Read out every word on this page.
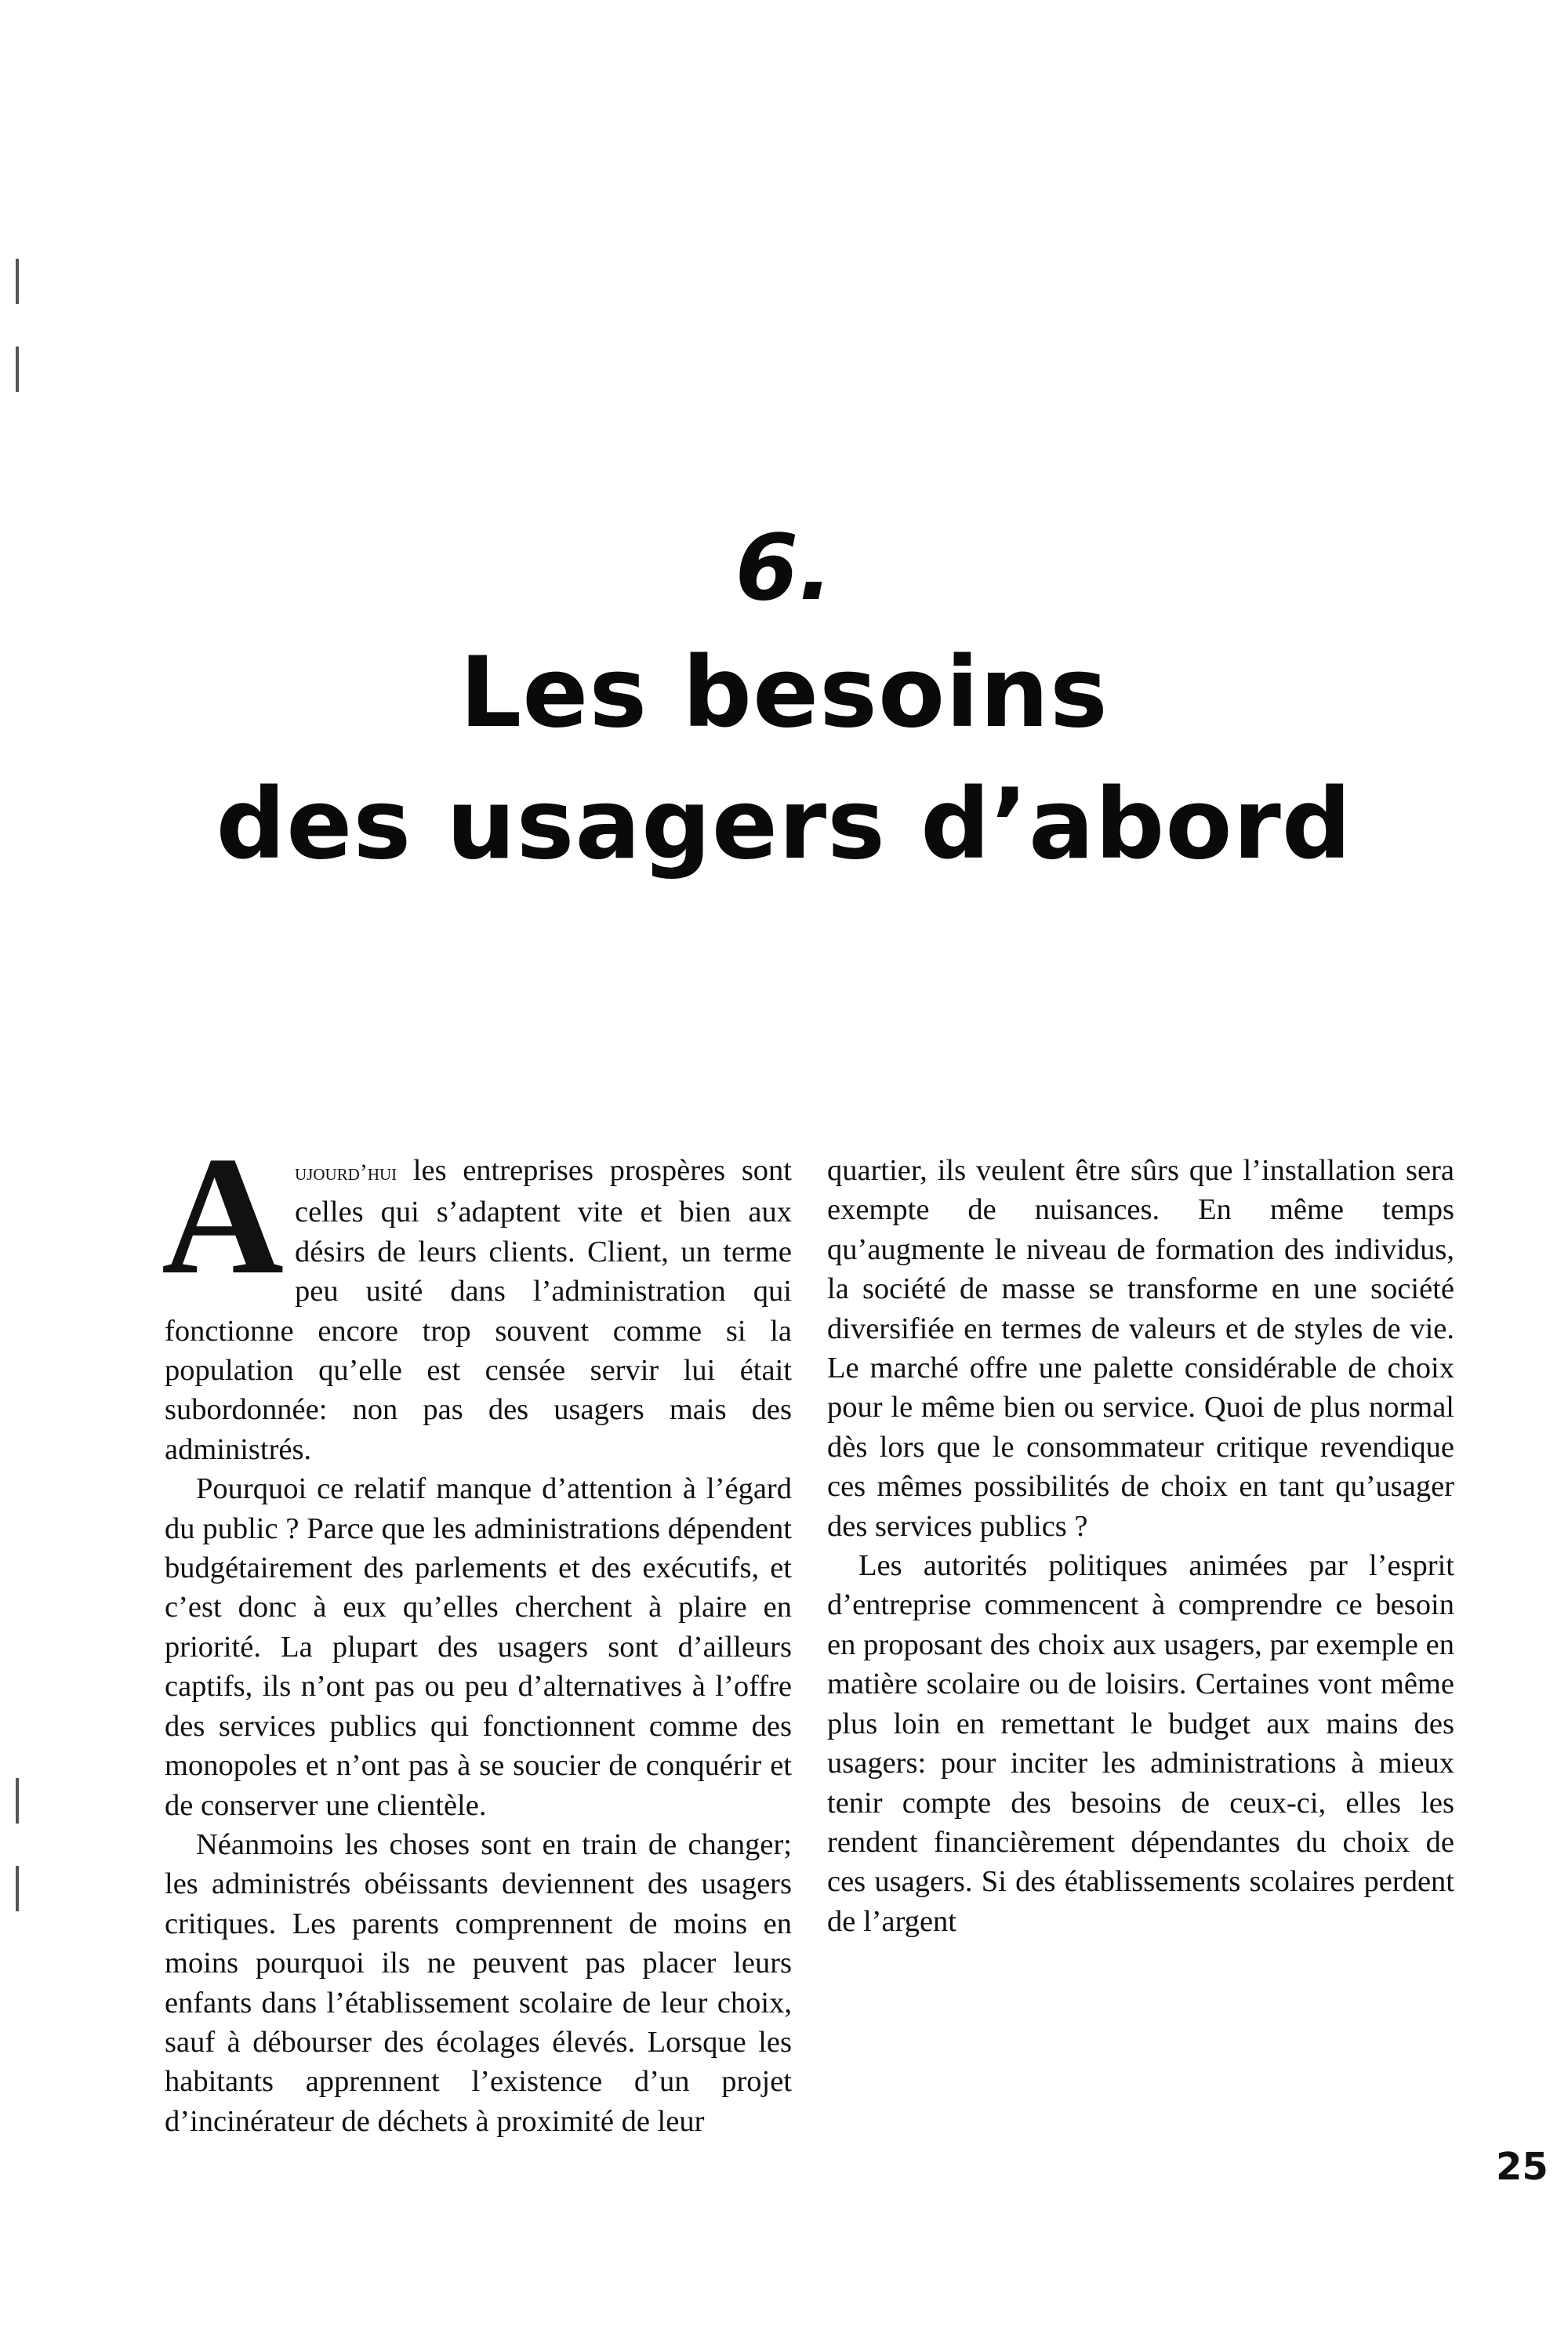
6.
Les besoins
des usagers d’abord

Aujourd’hui les entreprises prospères sont celles qui s’adaptent vite et bien aux désirs de leurs clients. Client, un terme peu usité dans l’administration qui fonctionne encore trop souvent comme si la population qu’elle est censée servir lui était subordonnée: non pas des usagers mais des administrés.

Pourquoi ce relatif manque d’attention à l’égard du public ? Parce que les administrations dépendent budgétairement des parlements et des exécutifs, et c’est donc à eux qu’elles cherchent à plaire en priorité. La plupart des usagers sont d’ailleurs captifs, ils n’ont pas ou peu d’alternatives à l’offre des services publics qui fonctionnent comme des monopoles et n’ont pas à se soucier de conquérir et de conserver une clientèle.

Néanmoins les choses sont en train de changer; les administrés obéissants deviennent des usagers critiques. Les parents comprennent de moins en moins pourquoi ils ne peuvent pas placer leurs enfants dans l’établissement scolaire de leur choix, sauf à débourser des écolages élevés. Lorsque les habitants apprennent l’existence d’un projet d’incinérateur de déchets à proximité de leur

quartier, ils veulent être sûrs que l’installation sera exempte de nuisances. En même temps qu’augmente le niveau de formation des individus, la société de masse se transforme en une société diversifiée en termes de valeurs et de styles de vie. Le marché offre une palette considérable de choix pour le même bien ou service. Quoi de plus normal dès lors que le consommateur critique revendique ces mêmes possibilités de choix en tant qu’usager des services publics ?

Les autorités politiques animées par l’esprit d’entreprise commencent à comprendre ce besoin en proposant des choix aux usagers, par exemple en matière scolaire ou de loisirs. Certaines vont même plus loin en remettant le budget aux mains des usagers: pour inciter les administrations à mieux tenir compte des besoins de ceux-ci, elles les rendent financièrement dépendantes du choix de ces usagers. Si des établissements scolaires perdent de l’argent

25
